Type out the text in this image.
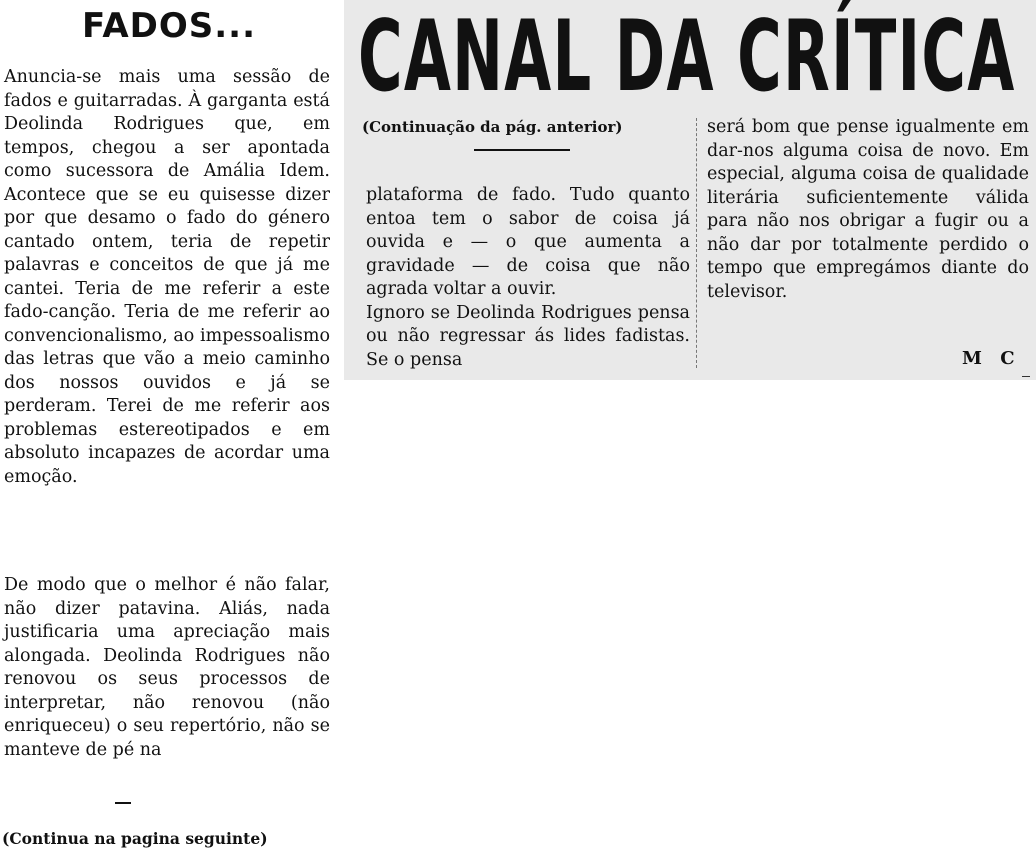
FADOS...

Anuncia-se mais uma sessão de fados e guitarradas. À garganta está Deolinda Rodrigues que, em tempos, chegou a ser apontada como sucessora de Amália Idem. Acontece que se eu quisesse dizer por que desamo o fado do género cantado ontem, teria de repetir palavras e conceitos de que já me cantei. Teria de me referir a este fado-canção. Teria de me referir ao convencionalismo, ao impessoalismo das letras que vão a meio caminho dos nossos ouvidos e já se perderam. Terei de me referir aos problemas estereotipados e em absoluto incapazes de acordar uma emoção.

De modo que o melhor é não falar, não dizer patavina. Aliás, nada justificaria uma apreciação mais alongada. Deolinda Rodrigues não renovou os seus processos de interpretar, não renovou (não enriqueceu) o seu repertório, não se manteve de pé na

(Continua na pagina seguinte)
CANAL DA CRÍTICA
(Continuação da pág. anterior)

plataforma de fado. Tudo quanto entoa tem o sabor de coisa já ouvida e — o que aumenta a gravidade — de coisa que não agrada voltar a ouvir.
Ignoro se Deolinda Rodrigues pensa ou não regressar ás lides fadistas. Se o pensa

será bom que pense igualmente em dar-nos alguma coisa de novo. Em especial, alguma coisa de qualidade literária suficientemente válida para não nos obrigar a fugir ou a não dar por totalmente perdido o tempo que empregámos diante do televisor.

M C
